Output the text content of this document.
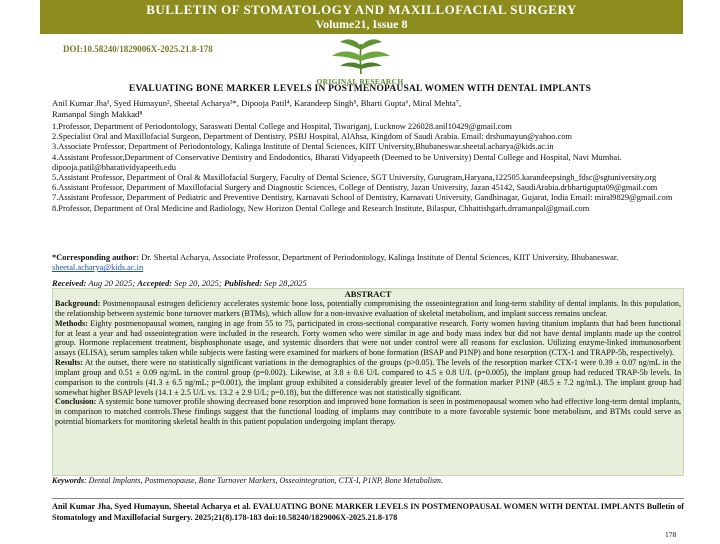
BULLETIN OF STOMATOLOGY AND MAXILLOFACIAL SURGERY
Volume21, Issue 8
DOI:10.58240/1829006X-2025.21.8-178
ORIGINAL RESEARCH
EVALUATING BONE MARKER LEVELS IN POSTMENOPAUSAL WOMEN WITH DENTAL IMPLANTS
Anil Kumar Jha¹, Syed Humayun², Sheetal Acharya³*, Dipooja Patil⁴, Karandeep Singh⁵, Bharti Gupta⁶, Miral Mehta⁷,
Ramanpal Singh Makkad⁸
1.Professor, Department of Periodontology, Saraswati Dental College and Hospital, Tiwariganj, Lucknow 226028.anil10429@gmail.com
2.Specialist Oral and Maxillofacial Surgeon, Department of Dentistry, PSBJ Hospital, AlAhsa, Kingdom of Saudi Arabia. Email: drshumayun@yahoo.com
3.Associate Professor, Department of Periodontology, Kalinga Institute of Dental Sciences, KIIT University,Bhubaneswar.sheetal.acharya@kids.ac.in
4.Assistant Professor,Department of Conservative Dentistry and Endodontics, Bharati Vidyapeeth (Deemed to be University) Dental College and Hospital, Navi Mumbai. dipooja.patil@bharatividyapeeth.edu
5.Assistant Professor, Department of Oral & Maxillofacial Surgery, Faculty of Dental Science, SGT University, Gurugram,Haryana,122505.karandeepsingh_fdsc@sgtuniversity.org
6.Assistant Professor, Department of Maxillofacial Surgery and Diagnostic Sciences, College of Dentistry, Jazan University, Jazan 45142, SaudiArabia.drbhartigupta09@gmail.com
7.Assistant Professor, Department of Pediatric and Preventive Dentistry, Karnavati School of Dentistry, Karnavati University, Gandhinagar, Gujarat, India Email: miral9829@gmail.com
8.Professor, Department of Oral Medicine and Radiology, New Horizon Dental College and Research Institute, Bilaspur, Chhattishgarh.drramanpal@gmail.com
*Corresponding author: Dr. Sheetal Acharya, Associate Professor, Department of Periodontology, Kalinga Institute of Dental Sciences, KIIT University, Bhubaneswar. sheetal.acharya@kids.ac.in
Received: Aug 20 2025; Accepted: Sep 20, 2025; Published: Sep 28,2025
ABSTRACT

Background: Postmenopausal estrogen deficiency accelerates systemic bone loss, potentially compromising the osseointegration and long-term stability of dental implants. In this population, the relationship between systemic bone turnover markers (BTMs), which allow for a non-invasive evaluation of skeletal metabolism, and implant success remains unclear.

Methods: Eighty postmenopausal women, ranging in age from 55 to 75, participated in cross-sectional comparative research. Forty women having titanium implants that had been functional for at least a year and had osseointegration were included in the research. Forty women who were similar in age and body mass index but did not have dental implants made up the control group. Hormone replacement treatment, bisphosphonate usage, and systemic disorders that were not under control were all reasons for exclusion. Utilizing enzyme-linked immunosorbent assays (ELISA), serum samples taken while subjects were fasting were examined for markers of bone formation (BSAP and P1NP) and bone resorption (CTX-1 and TRAPP-5b, respectively).

Results: At the outset, there were no statistically significant variations in the demographics of the groups (p>0.05). The levels of the resorption marker CTX-1 were 0.39 ± 0.07 ng/mL in the implant group and 0.51 ± 0.09 ng/mL in the control group (p=0.002). Likewise, at 3.8 ± 0.6 U/L compared to 4.5 ± 0.8 U/L (p=0.005), the implant group had reduced TRAP-5b levels. In comparison to the controls (41.3 ± 6.5 ng/mL; p=0.001), the implant group exhibited a considerably greater level of the formation marker P1NP (48.5 ± 7.2 ng/mL). The implant group had somewhat higher BSAP levels (14.1 ± 2.5 U/L vs. 13.2 ± 2.9 U/L; p=0.18), but the difference was not statistically significant.

Conclusion: A systemic bone turnover profile showing decreased bone resorption and improved bone formation is seen in postmenopausal women who had effective long-term dental implants, in comparison to matched controls.These findings suggest that the functional loading of implants may contribute to a more favorable systemic bone metabolism, and BTMs could serve as potential biomarkers for monitoring skeletal health in this patient population undergoing implant therapy.

Keywords: Dental Implants, Postmenopause, Bone Turnover Markers, Osseointegration, CTX-I, P1NP, Bone Metabolism.
Anil Kumar Jha, Syed Humayun, Sheetal Acharya et al. EVALUATING BONE MARKER LEVELS IN POSTMENOPAUSAL WOMEN WITH DENTAL IMPLANTS Bulletin of Stomatology and Maxillofacial Surgery. 2025;21(8).178-183 doi:10.58240/1829006X-2025.21.8-178
178
